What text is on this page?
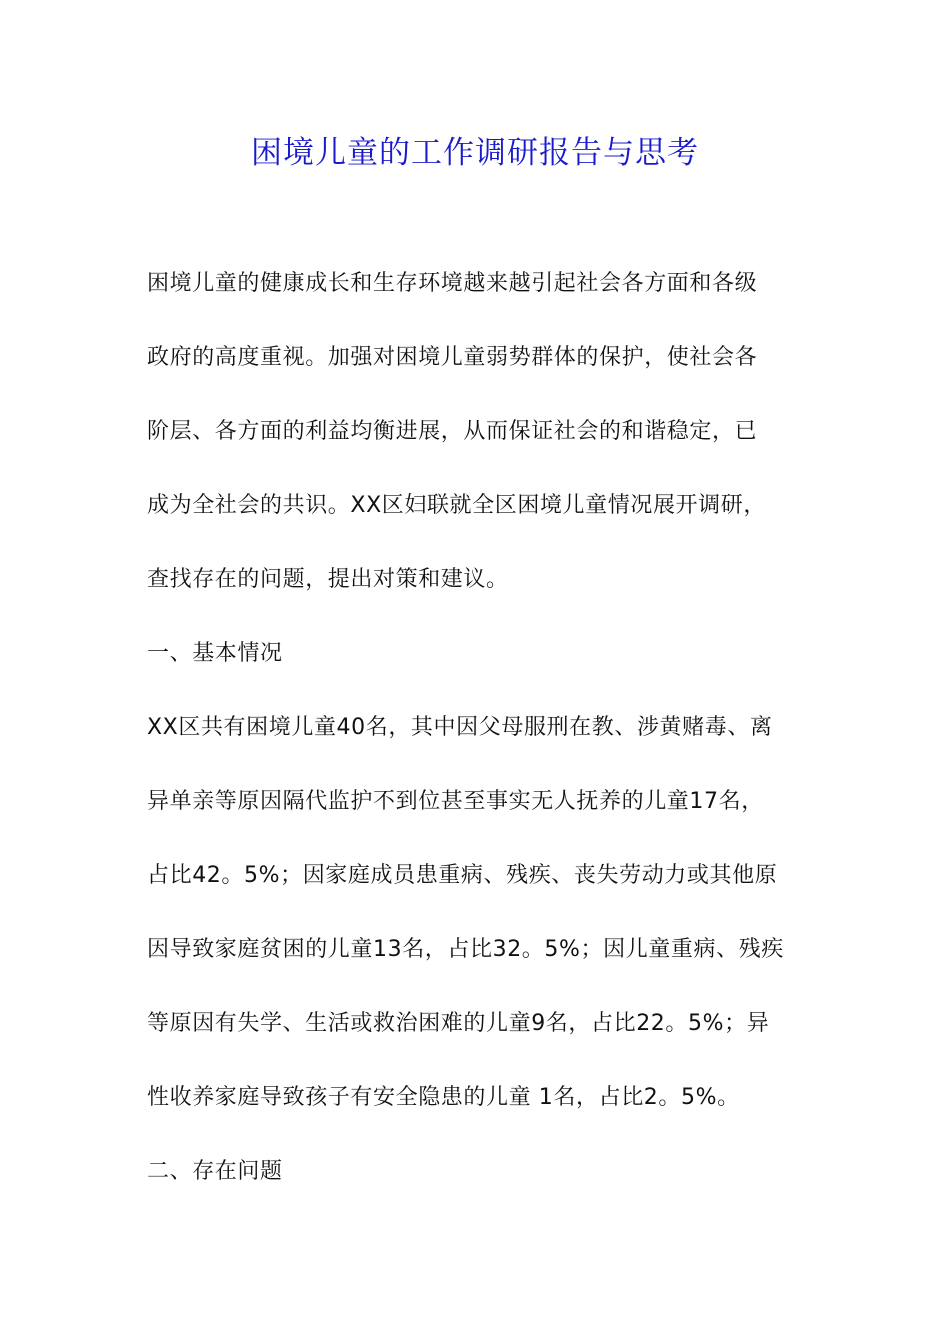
困境儿童的工作调研报告与思考
困境儿童的健康成长和生存环境越来越引起社会各方面和各级
政府的高度重视。加强对困境儿童弱势群体的保护，使社会各
阶层、各方面的利益均衡进展，从而保证社会的和谐稳定，已
成为全社会的共识。XX区妇联就全区困境儿童情况展开调研，
查找存在的问题，提出对策和建议。
一、基本情况
XX区共有困境儿童40名，其中因父母服刑在教、涉黄赌毒、离
异单亲等原因隔代监护不到位甚至事实无人抚养的儿童17名，
占比42。5%；因家庭成员患重病、残疾、丧失劳动力或其他原
因导致家庭贫困的儿童13名，占比32。5%；因儿童重病、残疾
等原因有失学、生活或救治困难的儿童9名，占比22。5%；异
性收养家庭导致孩子有安全隐患的儿童 1名，占比2。5%。
二、存在问题
